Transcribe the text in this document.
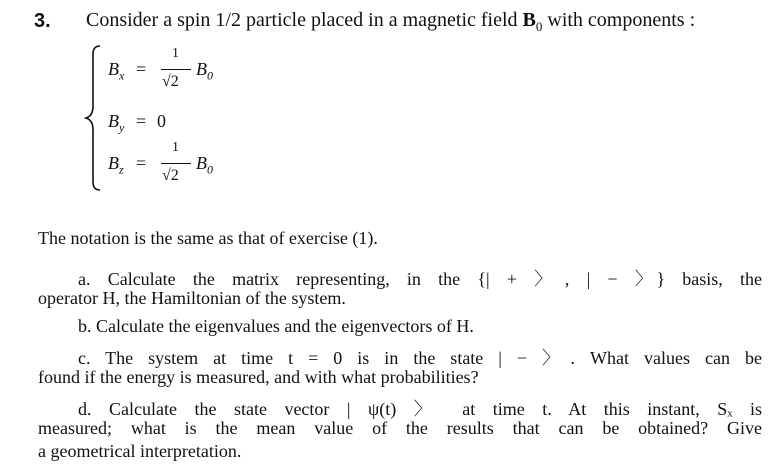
3. Consider a spin 1/2 particle placed in a magnetic field $B_0$ with components :
$B_x$ =
1
√2
$B_0$
$B_y = 0$
$B_z$ =
1
√2
$B_0$
The notation is the same as that of exercise (1).
a. Calculate the matrix representing, in the {| + 〉, | − 〉} basis, the
operator H, the Hamiltonian of the system.
b. Calculate the eigenvalues and the eigenvectors of H.
c. The system at time t = 0 is in the state | − 〉. What values can be
found if the energy is measured, and with what probabilities?
d. Calculate the state vector | ψ(t) 〉 at time t. At this instant, Sₓ is
measured; what is the mean value of the results that can be obtained? Give
a geometrical interpretation.
